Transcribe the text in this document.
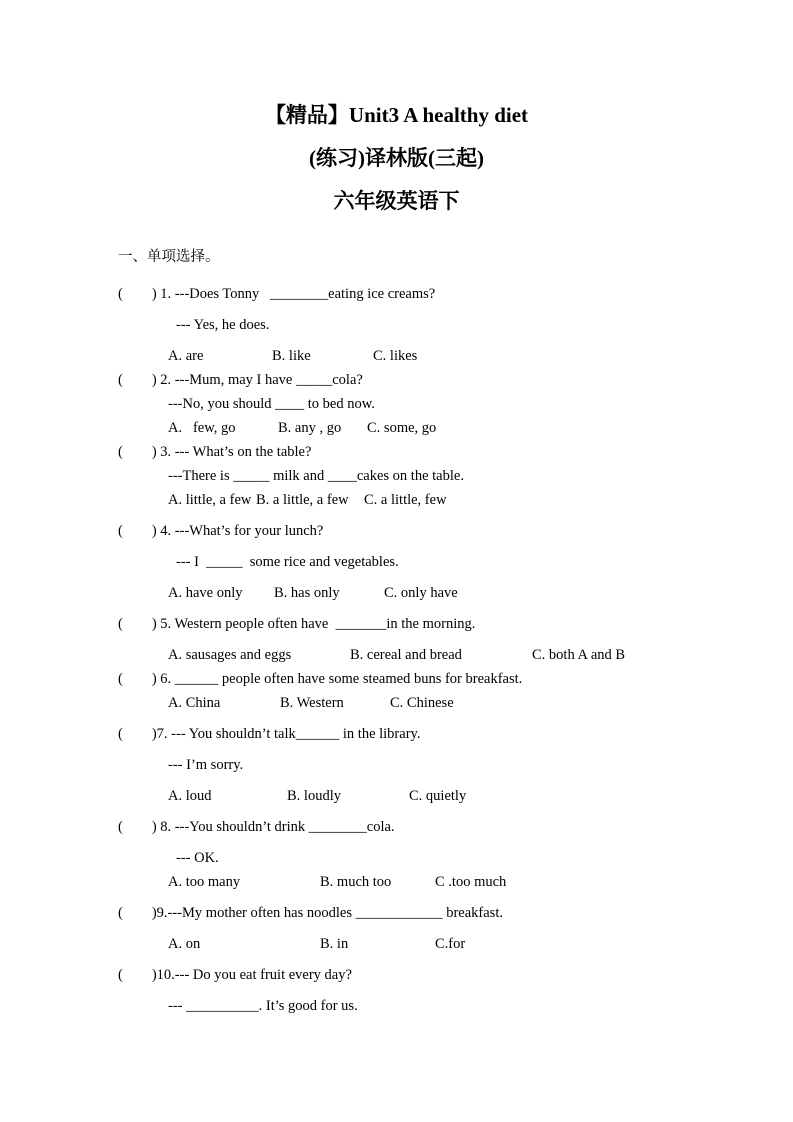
【精品】Unit3 A healthy diet
(练习)译林版(三起)
六年级英语下
一、单项选择。
(        ) 1. ---Does Tonny   ________eating ice creams?
--- Yes, he does.
A. are	B. like	C. likes
(        ) 2. ---Mum, may I have _____cola?
---No, you should ____ to bed now.
A.   few, go	B. any , go	C. some, go
(        ) 3. --- What’s on the table?
---There is _____ milk and ____cakes on the table.
A. little, a few B. a little, a few	C. a little, few
(        ) 4. ---What’s for your lunch?
--- I  _____  some rice and vegetables.
A. have only	B. has only	C. only have
(        ) 5. Western people often have  _______in the morning.
A. sausages and eggs	B. cereal and bread	C. both A and B
(        ) 6. ______ people often have some steamed buns for breakfast.
A. China	B. Western	C. Chinese
(        )7. --- You shouldn’t talk______ in the library.
--- I’m sorry.
A. loud	B. loudly	C. quietly
(        ) 8. ---You shouldn’t drink ________cola.
--- OK.
A. too many	B. much too	C .too much
(        )9.---My mother often has noodles ____________ breakfast.
A. on	B. in	C.for
(        )10.--- Do you eat fruit every day?
--- __________. It’s good for us.
